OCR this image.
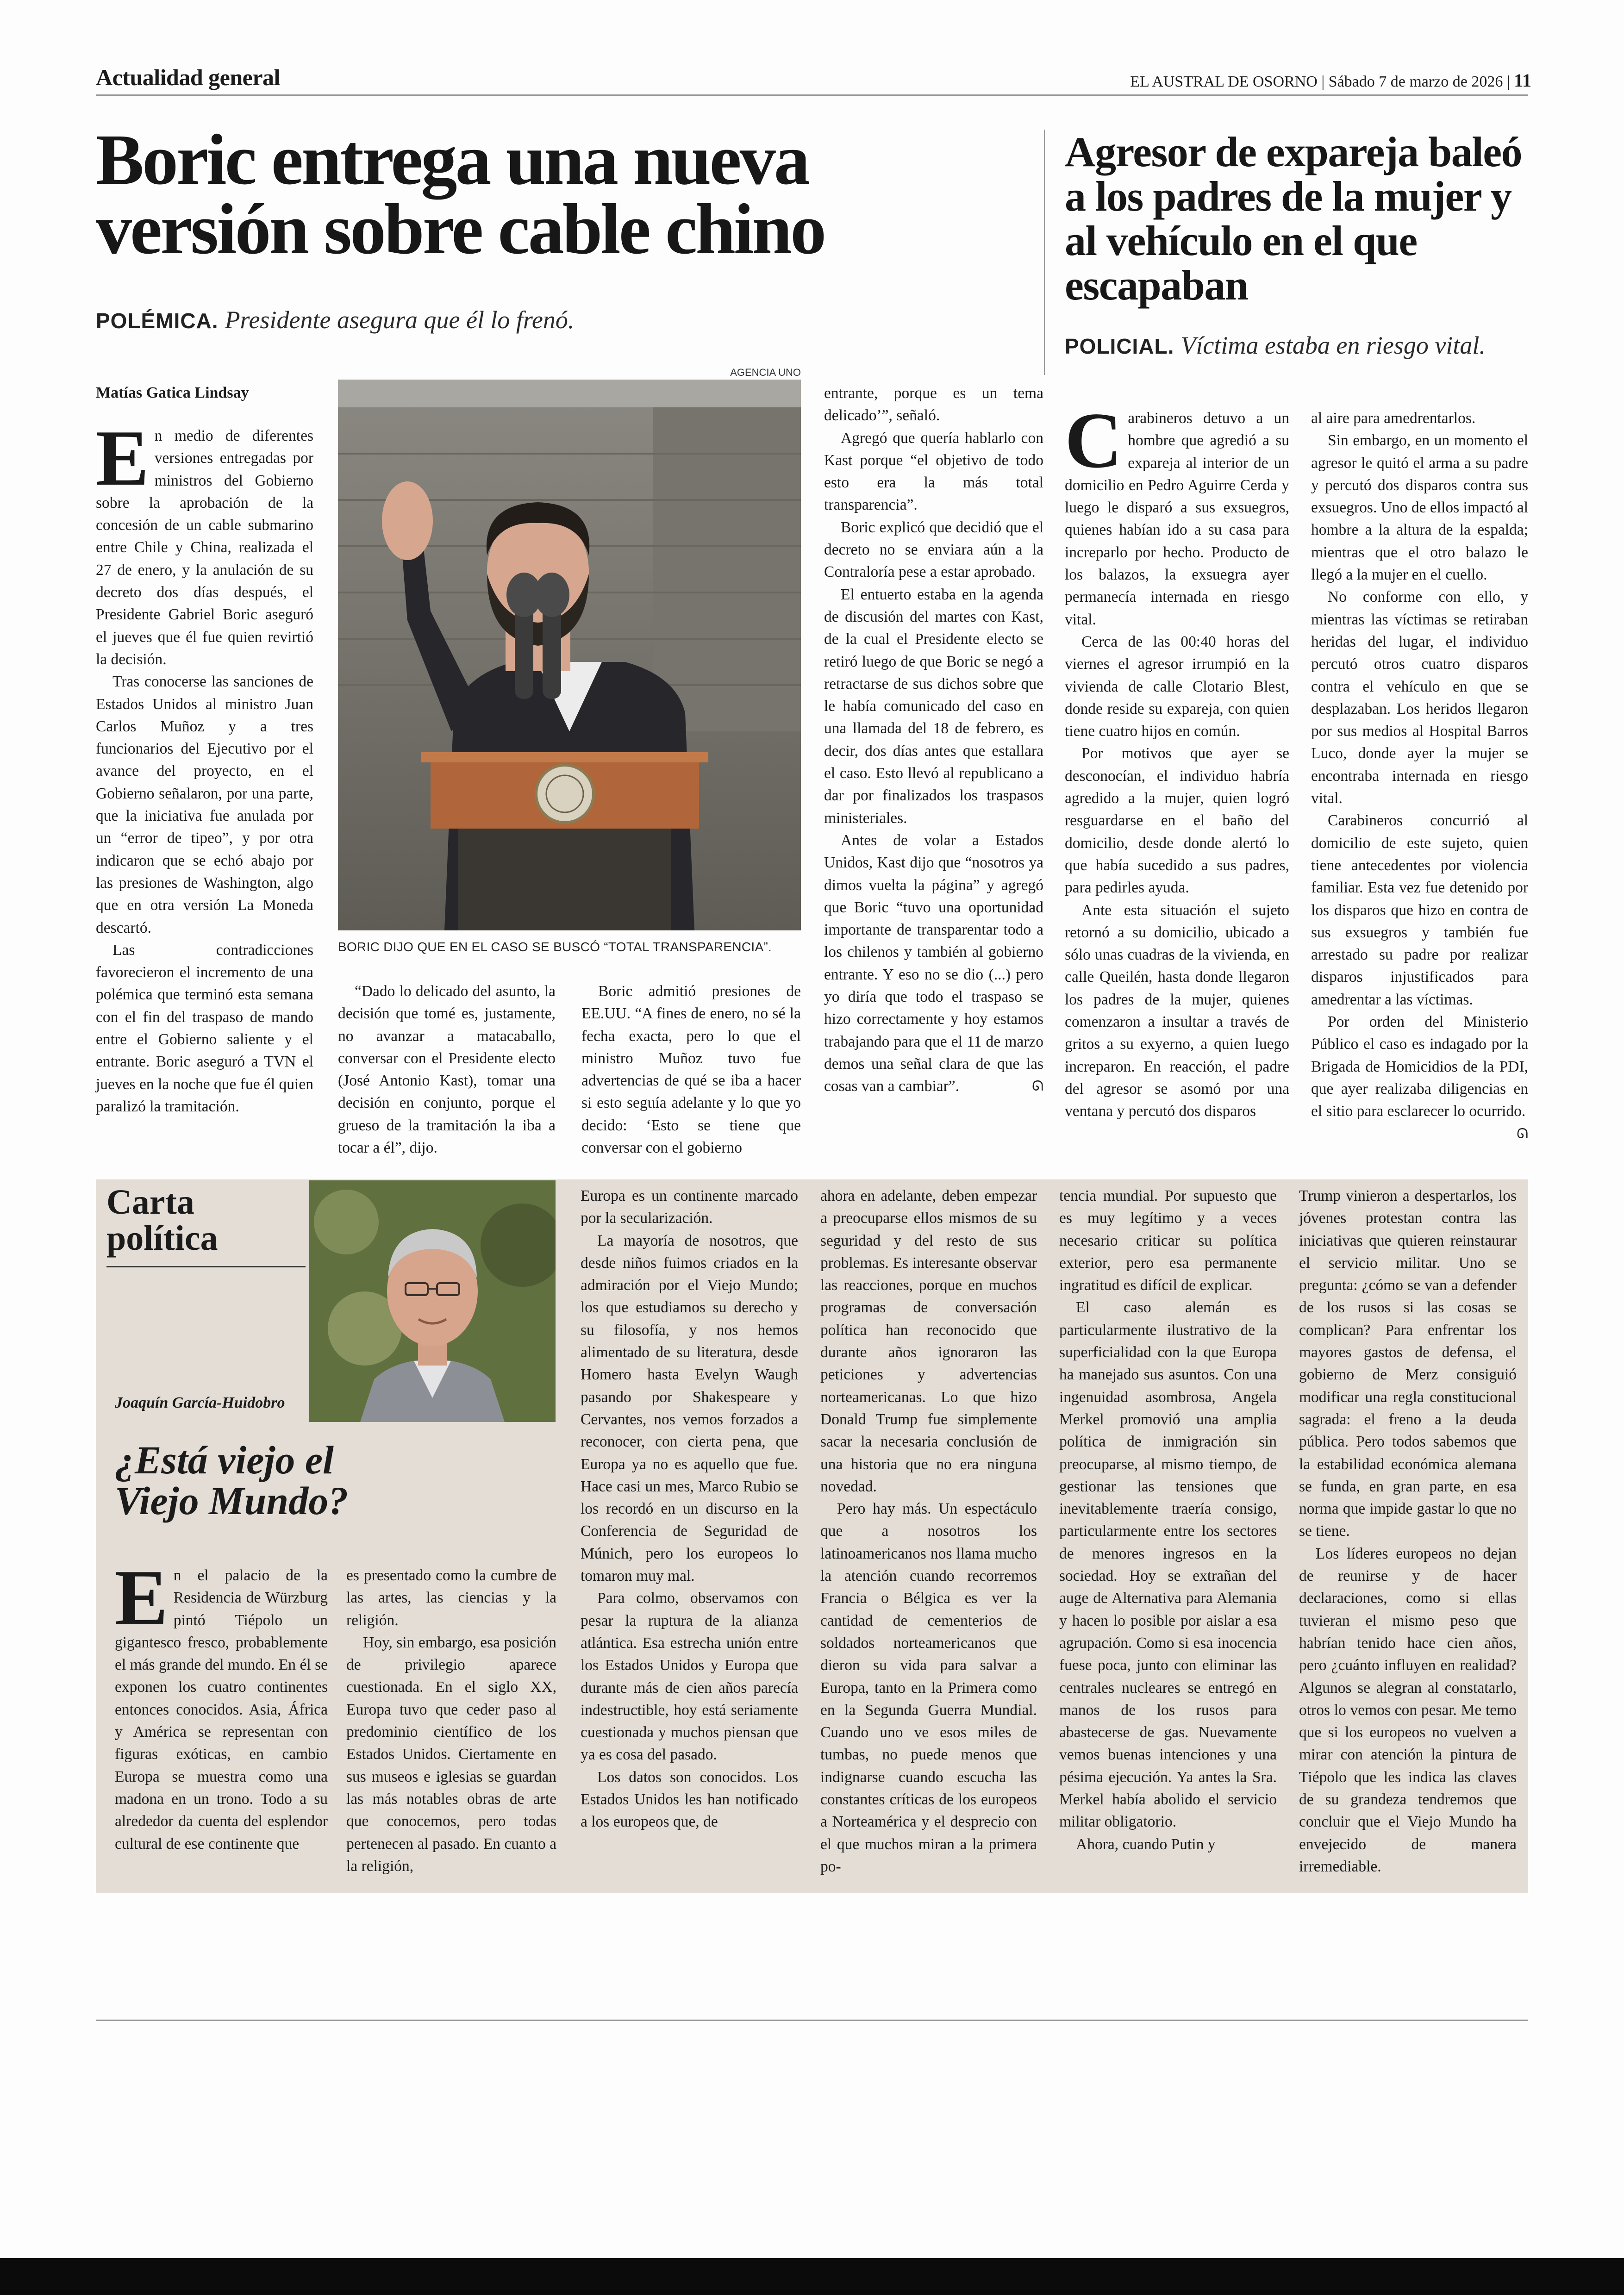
Actualidad general	EL AUSTRAL DE OSORNO | Sábado 7 de marzo de 2026 | 11
Boric entrega una nueva versión sobre cable chino
POLÉMICA. Presidente asegura que él lo frenó.
Matías Gatica Lindsay
AGENCIA UNO
BORIC DIJO QUE EN EL CASO SE BUSCÓ “TOTAL TRANSPARENCIA”.

En medio de diferentes versiones entregadas por ministros del Gobierno sobre la aprobación de la concesión de un cable submarino entre Chile y China, realizada el 27 de enero, y la anulación de su decreto dos días después, el Presidente Gabriel Boric aseguró el jueves que él fue quien revirtió la decisión.

Tras conocerse las sanciones de Estados Unidos al ministro Juan Carlos Muñoz y a tres funcionarios del Ejecutivo por el avance del proyecto, en el Gobierno señalaron, por una parte, que la iniciativa fue anulada por un “error de tipeo”, y por otra indicaron que se echó abajo por las presiones de Washington, algo que en otra versión La Moneda descartó.

Las contradicciones favorecieron el incremento de una polémica que terminó esta semana con el fin del traspaso de mando entre el Gobierno saliente y el entrante. Boric aseguró a TVN el jueves en la noche que fue él quien paralizó la tramitación.

“Dado lo delicado del asunto, la decisión que tomé es, justamente, no avanzar a matacaballo, conversar con el Presidente electo (José Antonio Kast), tomar una decisión en conjunto, porque el grueso de la tramitación la iba a tocar a él”, dijo.

Boric admitió presiones de EE.UU. “A fines de enero, no sé la fecha exacta, pero lo que el ministro Muñoz tuvo fue advertencias de qué se iba a hacer si esto seguía adelante y lo que yo decido: ‘Esto se tiene que conversar con el gobierno

entrante, porque es un tema delicado’”, señaló.

Agregó que quería hablarlo con Kast porque “el objetivo de todo esto era la más total transparencia”.

Boric explicó que decidió que el decreto no se enviara aún a la Contraloría pese a estar aprobado.

El entuerto estaba en la agenda de discusión del martes con Kast, de la cual el Presidente electo se retiró luego de que Boric se negó a retractarse de sus dichos sobre que le había comunicado del caso en una llamada del 18 de febrero, es decir, dos días antes que estallara el caso. Esto llevó al republicano a dar por finalizados los traspasos ministeriales.

Antes de volar a Estados Unidos, Kast dijo que “nosotros ya dimos vuelta la página” y agregó que Boric “tuvo una oportunidad importante de transparentar todo a los chilenos y también al gobierno entrante. Y eso no se dio (...) pero yo diría que todo el traspaso se hizo correctamente y hoy estamos trabajando para que el 11 de marzo demos una señal clara de que las cosas van a cambiar”.	ᘏ

Agresor de expareja baleó a los padres de la mujer y al vehículo en el que escapaban
POLICIAL. Víctima estaba en riesgo vital.

Carabineros detuvo a un hombre que agredió a su expareja al interior de un domicilio en Pedro Aguirre Cerda y luego le disparó a sus exsuegros, quienes habían ido a su casa para increparlo por hecho. Producto de los balazos, la exsuegra ayer permanecía internada en riesgo vital.

Cerca de las 00:40 horas del viernes el agresor irrumpió en la vivienda de calle Clotario Blest, donde reside su expareja, con quien tiene cuatro hijos en común.

Por motivos que ayer se desconocían, el individuo habría agredido a la mujer, quien logró resguardarse en el baño del domicilio, desde donde alertó lo que había sucedido a sus padres, para pedirles ayuda.

Ante esta situación el sujeto retornó a su domicilio, ubicado a sólo unas cuadras de la vivienda, en calle Queilén, hasta donde llegaron los padres de la mujer, quienes comenzaron a insultar a través de gritos a su exyerno, a quien luego increparon. En reacción, el padre del agresor se asomó por una ventana y percutó dos disparos

al aire para amedrentarlos.

Sin embargo, en un momento el agresor le quitó el arma a su padre y percutó dos disparos contra sus exsuegros. Uno de ellos impactó al hombre a la altura de la espalda; mientras que el otro balazo le llegó a la mujer en el cuello.

No conforme con ello, y mientras las víctimas se retiraban heridas del lugar, el individuo percutó otros cuatro disparos contra el vehículo en que se desplazaban. Los heridos llegaron por sus medios al Hospital Barros Luco, donde ayer la mujer se encontraba internada en riesgo vital.

Carabineros concurrió al domicilio de este sujeto, quien tiene antecedentes por violencia familiar. Esta vez fue detenido por los disparos que hizo en contra de sus exsuegros y también fue arrestado su padre por realizar disparos injustificados para amedrentar a las víctimas.

Por orden del Ministerio Público el caso es indagado por la Brigada de Homicidios de la PDI, que ayer realizaba diligencias en el sitio para esclarecer lo ocurrido.
ᘏ

Carta política
Joaquín García-Huidobro
¿Está viejo el Viejo Mundo?

En el palacio de la Residencia de Würzburg pintó Tiépolo un gigantesco fresco, probablemente el más grande del mundo. En él se exponen los cuatro continentes entonces conocidos. Asia, África y América se representan con figuras exóticas, en cambio Europa se muestra como una madona en un trono. Todo a su alrededor da cuenta del esplendor cultural de ese continente que

es presentado como la cumbre de las artes, las ciencias y la religión.

Hoy, sin embargo, esa posición de privilegio aparece cuestionada. En el siglo XX, Europa tuvo que ceder paso al predominio científico de los Estados Unidos. Ciertamente en sus museos e iglesias se guardan las más notables obras de arte que conocemos, pero todas pertenecen al pasado. En cuanto a la religión,

Europa es un continente marcado por la secularización.

La mayoría de nosotros, que desde niños fuimos criados en la admiración por el Viejo Mundo; los que estudiamos su derecho y su filosofía, y nos hemos alimentado de su literatura, desde Homero hasta Evelyn Waugh pasando por Shakespeare y Cervantes, nos vemos forzados a reconocer, con cierta pena, que Europa ya no es aquello que fue. Hace casi un mes, Marco Rubio se los recordó en un discurso en la Conferencia de Seguridad de Múnich, pero los europeos lo tomaron muy mal.

Para colmo, observamos con pesar la ruptura de la alianza atlántica. Esa estrecha unión entre los Estados Unidos y Europa que durante más de cien años parecía indestructible, hoy está seriamente cuestionada y muchos piensan que ya es cosa del pasado.

Los datos son conocidos. Los Estados Unidos les han notificado a los europeos que, de

ahora en adelante, deben empezar a preocuparse ellos mismos de su seguridad y del resto de sus problemas. Es interesante observar las reacciones, porque en muchos programas de conversación política han reconocido que durante años ignoraron las peticiones y advertencias norteamericanas. Lo que hizo Donald Trump fue simplemente sacar la necesaria conclusión de una historia que no era ninguna novedad.

Pero hay más. Un espectáculo que a nosotros los latinoamericanos nos llama mucho la atención cuando recorremos Francia o Bélgica es ver la cantidad de cementerios de soldados norteamericanos que dieron su vida para salvar a Europa, tanto en la Primera como en la Segunda Guerra Mundial. Cuando uno ve esos miles de tumbas, no puede menos que indignarse cuando escucha las constantes críticas de los europeos a Norteamérica y el desprecio con el que muchos miran a la primera po-

tencia mundial. Por supuesto que es muy legítimo y a veces necesario criticar su política exterior, pero esa permanente ingratitud es difícil de explicar.

El caso alemán es particularmente ilustrativo de la superficialidad con la que Europa ha manejado sus asuntos. Con una ingenuidad asombrosa, Angela Merkel promovió una amplia política de inmigración sin preocuparse, al mismo tiempo, de gestionar las tensiones que inevitablemente traería consigo, particularmente entre los sectores de menores ingresos en la sociedad. Hoy se extrañan del auge de Alternativa para Alemania y hacen lo posible por aislar a esa agrupación. Como si esa inocencia fuese poca, junto con eliminar las centrales nucleares se entregó en manos de los rusos para abastecerse de gas. Nuevamente vemos buenas intenciones y una pésima ejecución. Ya antes la Sra. Merkel había abolido el servicio militar obligatorio.

Ahora, cuando Putin y

Trump vinieron a despertarlos, los jóvenes protestan contra las iniciativas que quieren reinstaurar el servicio militar. Uno se pregunta: ¿cómo se van a defender de los rusos si las cosas se complican? Para enfrentar los mayores gastos de defensa, el gobierno de Merz consiguió modificar una regla constitucional sagrada: el freno a la deuda pública. Pero todos sabemos que la estabilidad económica alemana se funda, en gran parte, en esa norma que impide gastar lo que no se tiene.

Los líderes europeos no dejan de reunirse y de hacer declaraciones, como si ellas tuvieran el mismo peso que habrían tenido hace cien años, pero ¿cuánto influyen en realidad? Algunos se alegran al constatarlo, otros lo vemos con pesar. Me temo que si los europeos no vuelven a mirar con atención la pintura de Tiépolo que les indica las claves de su grandeza tendremos que concluir que el Viejo Mundo ha envejecido de manera irremediable.
